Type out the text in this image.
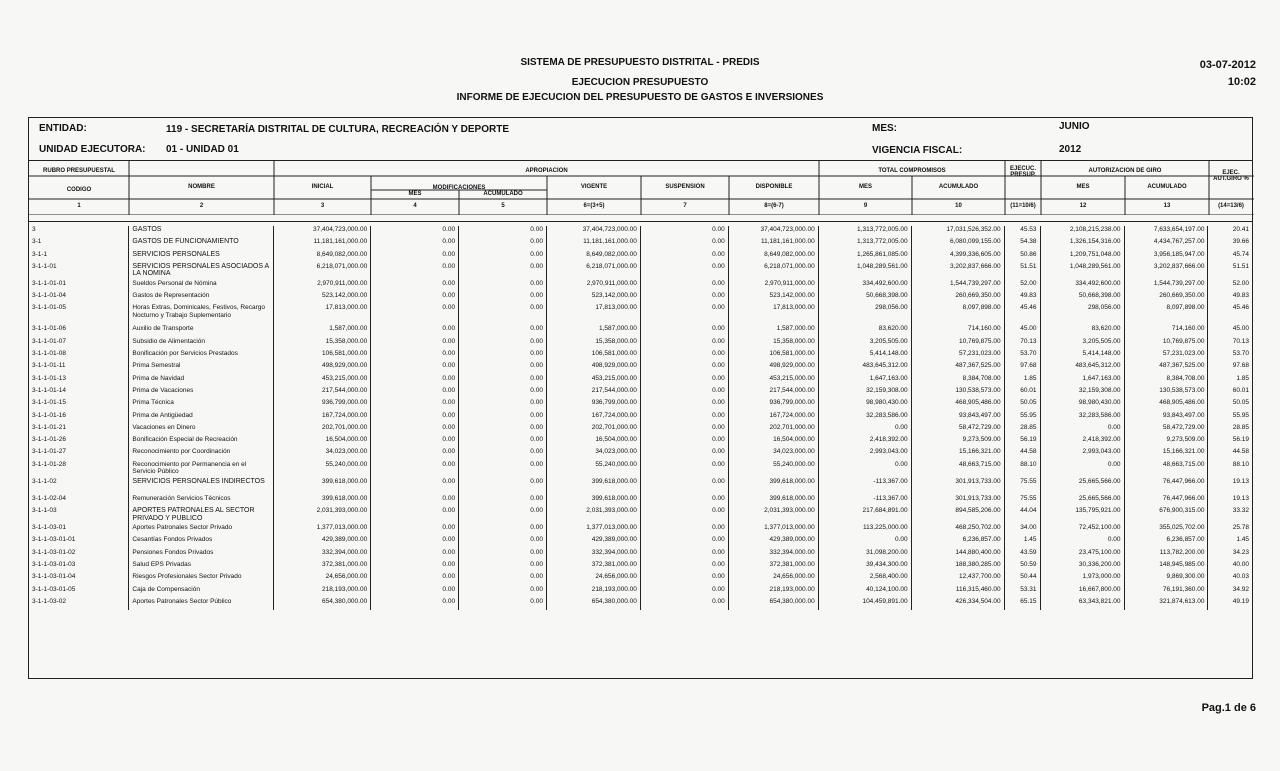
SISTEMA DE PRESUPUESTO DISTRITAL - PREDIS
EJECUCION PRESUPUESTO
INFORME DE EJECUCION DEL PRESUPUESTO DE GASTOS E INVERSIONES
03-07-2012
10:02
ENTIDAD:	119 - SECRETARÍA DISTRITAL DE CULTURA, RECREACIÓN Y DEPORTE
UNIDAD EJECUTORA: 01 - UNIDAD 01
MES:	JUNIO
VIGENCIA FISCAL:	2012
RUBRO PRESUPUESTAL
CODIGO	NOMBRE
APROPIACION
INICIAL	MODIFICACIONES
MES	ACUMULADO
VIGENTE	SUSPENSION	DISPONIBLE
TOTAL COMPROMISOS
MES	ACUMULADO
EJECUC. PRESUP.
AUTORIZACION DE GIRO
MES	ACUMULADO
EJEC. AUT.GIRO %
1	2	3	4	5	6=(3+5)	7	8=(6-7)	9	10	(11=10/6)	12	13	(14=13/6)
3	GASTOS	37,404,723,000.00	0.00	0.00	37,404,723,000.00	0.00	37,404,723,000.00	1,313,772,005.00	17,031,526,352.00	45.53	2,108,215,238.00	7,633,654,197.00	20.41
3-1	GASTOS DE FUNCIONAMIENTO	11,181,161,000.00	0.00	0.00	11,181,161,000.00	0.00	11,181,161,000.00	1,313,772,005.00	6,080,099,155.00	54.38	1,326,154,316.00	4,434,767,257.00	39.66
3-1-1	SERVICIOS PERSONALES	8,649,082,000.00	0.00	0.00	8,649,082,000.00	0.00	8,649,082,000.00	1,265,861,085.00	4,399,336,605.00	50.86	1,209,751,048.00	3,956,185,947.00	45.74
3-1-1-01	SERVICIOS PERSONALES ASOCIADOS A LA NOMINA	6,218,071,000.00	0.00	0.00	6,218,071,000.00	0.00	6,218,071,000.00	1,048,289,561.00	3,202,837,666.00	51.51	1,048,289,561.00	3,202,837,666.00	51.51
3-1-1-01-01	Sueldos Personal de Nómina	2,970,911,000.00	0.00	0.00	2,970,911,000.00	0.00	2,970,911,000.00	334,492,600.00	1,544,739,297.00	52.00	334,492,600.00	1,544,739,297.00	52.00
3-1-1-01-04	Gastos de Representación	523,142,000.00	0.00	0.00	523,142,000.00	0.00	523,142,000.00	50,668,398.00	260,669,350.00	49.83	50,668,398.00	260,669,350.00	49.83
3-1-1-01-05	Horas Extras, Dominicales, Festivos, Recargo Nocturno y Trabajo Suplementario	17,813,000.00	0.00	0.00	17,813,000.00	0.00	17,813,000.00	298,056.00	8,097,898.00	45.46	298,056.00	8,097,898.00	45.46
3-1-1-01-06	Auxilio de Transporte	1,587,000.00	0.00	0.00	1,587,000.00	0.00	1,587,000.00	83,620.00	714,160.00	45.00	83,620.00	714,160.00	45.00
3-1-1-01-07	Subsidio de Alimentación	15,358,000.00	0.00	0.00	15,358,000.00	0.00	15,358,000.00	3,205,505.00	10,769,875.00	70.13	3,205,505.00	10,769,875.00	70.13
3-1-1-01-08	Bonificación por Servicios Prestados	106,581,000.00	0.00	0.00	106,581,000.00	0.00	106,581,000.00	5,414,148.00	57,231,023.00	53.70	5,414,148.00	57,231,023.00	53.70
3-1-1-01-11	Prima Semestral	498,929,000.00	0.00	0.00	498,929,000.00	0.00	498,929,000.00	483,645,312.00	487,367,525.00	97.68	483,645,312.00	487,367,525.00	97.68
3-1-1-01-13	Prima de Navidad	453,215,000.00	0.00	0.00	453,215,000.00	0.00	453,215,000.00	1,647,163.00	8,384,708.00	1.85	1,647,163.00	8,384,708.00	1.85
3-1-1-01-14	Prima de Vacaciones	217,544,000.00	0.00	0.00	217,544,000.00	0.00	217,544,000.00	32,159,308.00	130,538,573.00	60.01	32,159,308.00	130,538,573.00	60.01
3-1-1-01-15	Prima Técnica	936,799,000.00	0.00	0.00	936,799,000.00	0.00	936,799,000.00	98,980,430.00	468,905,486.00	50.05	98,980,430.00	468,905,486.00	50.05
3-1-1-01-16	Prima de Antigüedad	167,724,000.00	0.00	0.00	167,724,000.00	0.00	167,724,000.00	32,283,586.00	93,843,497.00	55.95	32,283,586.00	93,843,497.00	55.95
3-1-1-01-21	Vacaciones en Dinero	202,701,000.00	0.00	0.00	202,701,000.00	0.00	202,701,000.00	0.00	58,472,729.00	28.85	0.00	58,472,729.00	28.85
3-1-1-01-26	Bonificación Especial de Recreación	16,504,000.00	0.00	0.00	16,504,000.00	0.00	16,504,000.00	2,418,392.00	9,273,509.00	56.19	2,418,392.00	9,273,509.00	56.19
3-1-1-01-27	Reconocimiento por Coordinación	34,023,000.00	0.00	0.00	34,023,000.00	0.00	34,023,000.00	2,993,043.00	15,166,321.00	44.58	2,993,043.00	15,166,321.00	44.58
3-1-1-01-28	Reconocimiento por Permanencia en el Servicio Público	55,240,000.00	0.00	0.00	55,240,000.00	0.00	55,240,000.00	0.00	48,663,715.00	88.10	0.00	48,663,715.00	88.10
3-1-1-02	SERVICIOS PERSONALES INDIRECTOS	399,618,000.00	0.00	0.00	399,618,000.00	0.00	399,618,000.00	-113,367.00	301,913,733.00	75.55	25,665,566.00	76,447,966.00	19.13
3-1-1-02-04	Remuneración Servicios Técnicos	399,618,000.00	0.00	0.00	399,618,000.00	0.00	399,618,000.00	-113,367.00	301,913,733.00	75.55	25,665,566.00	76,447,966.00	19.13
3-1-1-03	APORTES PATRONALES AL SECTOR PRIVADO Y PUBLICO	2,031,393,000.00	0.00	0.00	2,031,393,000.00	0.00	2,031,393,000.00	217,684,891.00	894,585,206.00	44.04	135,795,921.00	676,900,315.00	33.32
3-1-1-03-01	Aportes Patronales Sector Privado	1,377,013,000.00	0.00	0.00	1,377,013,000.00	0.00	1,377,013,000.00	113,225,000.00	468,250,702.00	34.00	72,452,100.00	355,025,702.00	25.78
3-1-1-03-01-01	Cesantías Fondos Privados	429,389,000.00	0.00	0.00	429,389,000.00	0.00	429,389,000.00	0.00	6,236,857.00	1.45	0.00	6,236,857.00	1.45
3-1-1-03-01-02	Pensiones Fondos Privados	332,394,000.00	0.00	0.00	332,394,000.00	0.00	332,394,000.00	31,098,200.00	144,880,400.00	43.59	23,475,100.00	113,782,200.00	34.23
3-1-1-03-01-03	Salud EPS Privadas	372,381,000.00	0.00	0.00	372,381,000.00	0.00	372,381,000.00	39,434,300.00	188,380,285.00	50.59	30,336,200.00	148,945,985.00	40.00
3-1-1-03-01-04	Riesgos Profesionales Sector Privado	24,656,000.00	0.00	0.00	24,656,000.00	0.00	24,656,000.00	2,568,400.00	12,437,700.00	50.44	1,973,000.00	9,869,300.00	40.03
3-1-1-03-01-05	Caja de Compensación	218,193,000.00	0.00	0.00	218,193,000.00	0.00	218,193,000.00	40,124,100.00	116,315,460.00	53.31	16,667,800.00	76,191,360.00	34.92
3-1-1-03-02	Aportes Patronales Sector Público	654,380,000.00	0.00	0.00	654,380,000.00	0.00	654,380,000.00	104,459,891.00	426,334,504.00	65.15	63,343,821.00	321,874,613.00	49.19
Pag.1 de 6
